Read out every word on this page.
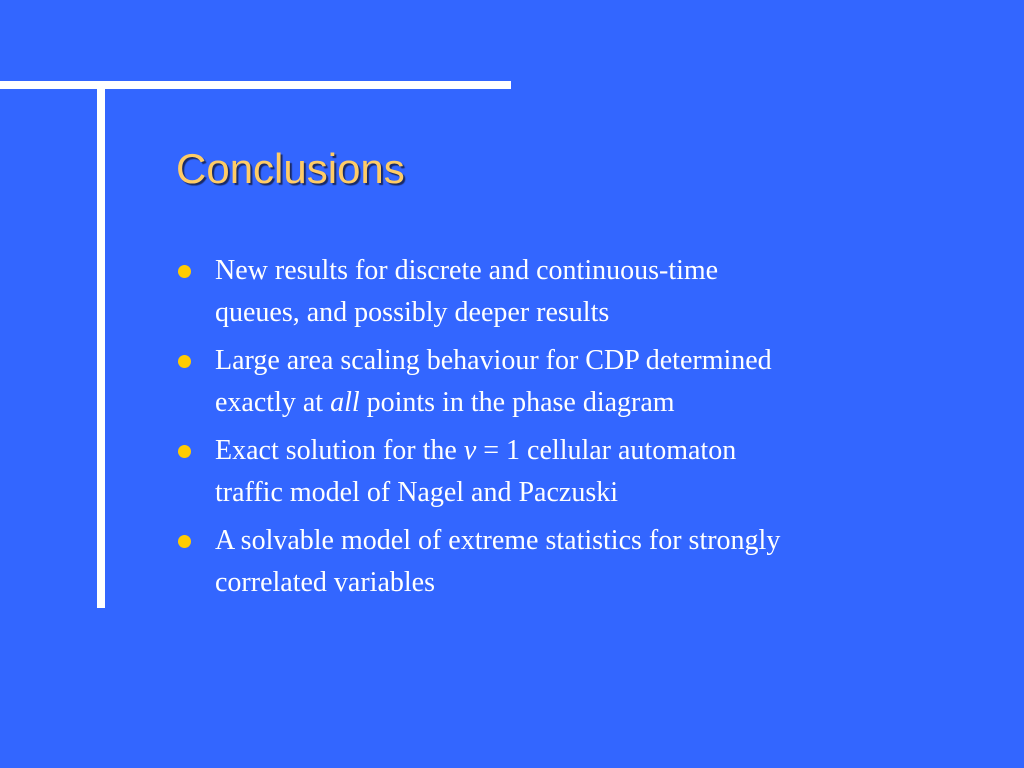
Conclusions
New results for discrete and continuous-time
queues, and possibly deeper results
Large area scaling behaviour for CDP determined
exactly at all points in the phase diagram
Exact solution for the v = 1 cellular automaton
traffic model of Nagel and Paczuski
A solvable model of extreme statistics for strongly
correlated variables
